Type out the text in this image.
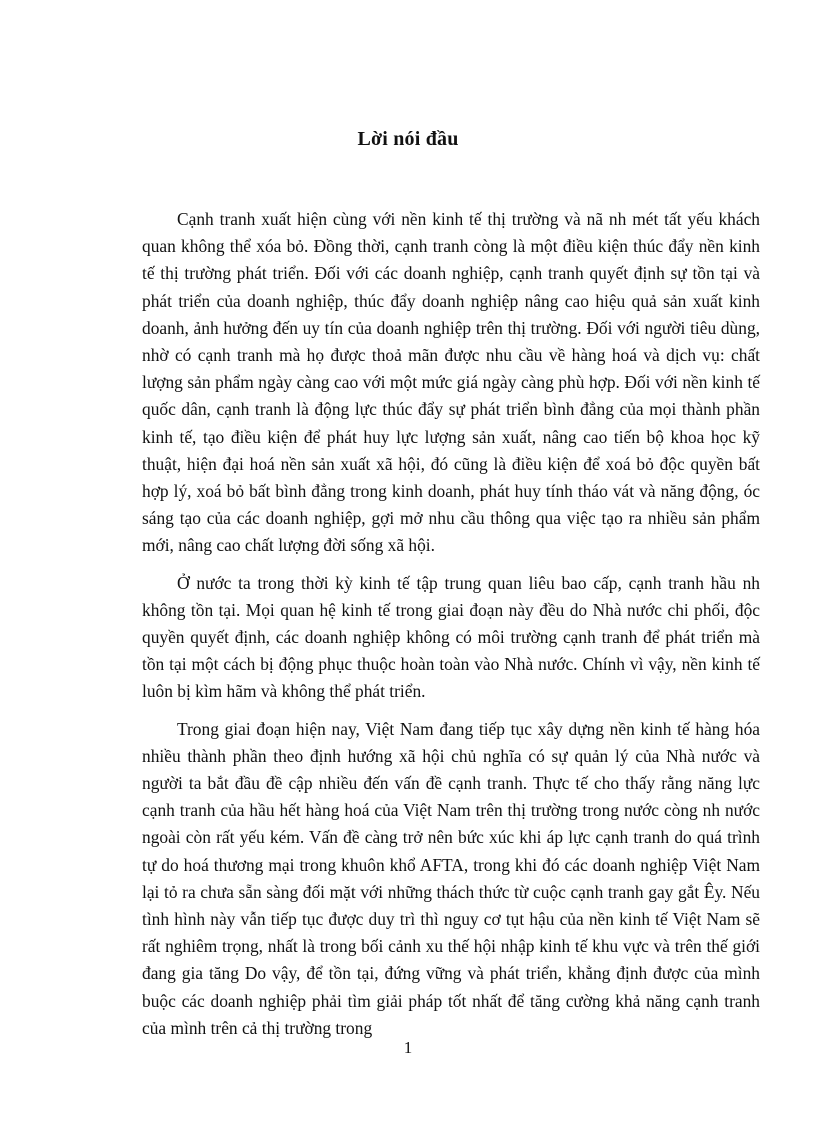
Lời nói đầu

Cạnh tranh xuất hiện cùng với nền kinh tế thị trường và nã nh mét tất yếu khách quan không thể xóa bỏ. Đồng thời, cạnh tranh còng là một điều kiện thúc đẩy nền kinh tế thị trường phát triển. Đối với các doanh nghiệp, cạnh tranh quyết định sự tồn tại và phát triển của doanh nghiệp, thúc đẩy doanh nghiệp nâng cao hiệu quả sản xuất kinh doanh, ảnh hưởng đến uy tín của doanh nghiệp trên thị trường. Đối với người tiêu dùng, nhờ có cạnh tranh mà họ được thoả mãn được nhu cầu về hàng hoá và dịch vụ: chất lượng sản phẩm ngày càng cao với một mức giá ngày càng phù hợp. Đối với nền kinh tế quốc dân, cạnh tranh là động lực thúc đẩy sự phát triển bình đẳng của mọi thành phần kinh tế, tạo điều kiện để phát huy lực lượng sản xuất, nâng cao tiến bộ khoa học kỹ thuật, hiện đại hoá nền sản xuất xã hội, đó cũng là điều kiện để xoá bỏ độc quyền bất hợp lý, xoá bỏ bất bình đẳng trong kinh doanh, phát huy tính tháo vát và năng động, óc sáng tạo của các doanh nghiệp, gợi mở nhu cầu thông qua việc tạo ra nhiều sản phẩm mới, nâng cao chất lượng đời sống xã hội.

Ở nước ta trong thời kỳ kinh tế tập trung quan liêu bao cấp, cạnh tranh hầu nh không tồn tại. Mọi quan hệ kinh tế trong giai đoạn này đều do Nhà nước chi phối, độc quyền quyết định, các doanh nghiệp không có môi trường cạnh tranh để phát triển mà tồn tại một cách bị động phục thuộc hoàn toàn vào Nhà nước. Chính vì vậy, nền kinh tế luôn bị kìm hãm và không thể phát triển.

Trong giai đoạn hiện nay, Việt Nam đang tiếp tục xây dựng nền kinh tế hàng hóa nhiều thành phần theo định hướng xã hội chủ nghĩa có sự quản lý của Nhà nước và người ta bắt đầu đề cập nhiều đến vấn đề cạnh tranh. Thực tế cho thấy rằng năng lực cạnh tranh của hầu hết hàng hoá của Việt Nam trên thị trường trong nước còng nh nước ngoài còn rất yếu kém. Vấn đề càng trở nên bức xúc khi áp lực cạnh tranh do quá trình tự do hoá thương mại trong khuôn khổ AFTA, trong khi đó các doanh nghiệp Việt Nam lại tỏ ra chưa sẵn sàng đối mặt với những thách thức từ cuộc cạnh tranh gay gắt Êy. Nếu tình hình này vẫn tiếp tục được duy trì thì nguy cơ tụt hậu của nền kinh tế Việt Nam sẽ rất nghiêm trọng, nhất là trong bối cảnh xu thế hội nhập kinh tế khu vực và trên thế giới đang gia tăng Do vậy, để tồn tại, đứng vững và phát triển, khẳng định được của mình buộc các doanh nghiệp phải tìm giải pháp tốt nhất để tăng cường khả năng cạnh tranh của mình trên cả thị trường trong

1
